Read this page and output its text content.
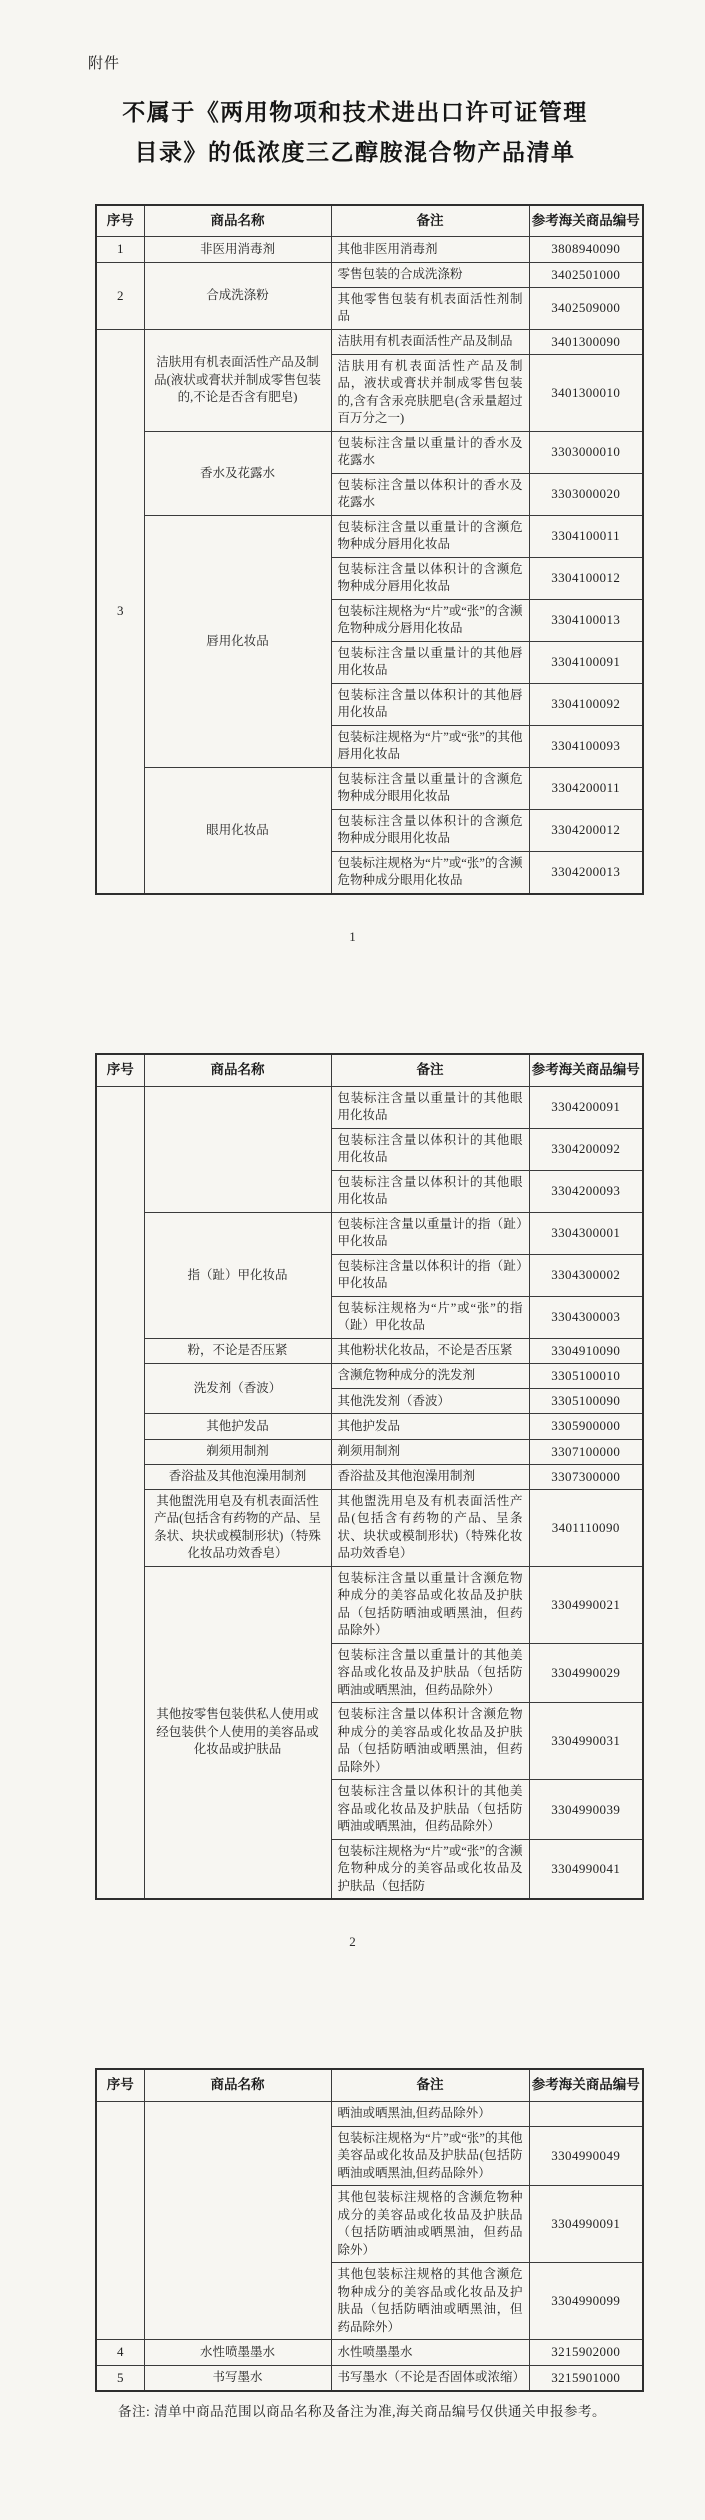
附件
不属于《两用物项和技术进出口许可证管理
目录》的低浓度三乙醇胺混合物产品清单
序号	商品名称	备注	参考海关商品编号
1	非医用消毒剂	其他非医用消毒剂	3808940090
2	合成洗涤粉	零售包装的合成洗涤粉	3402501000
		其他零售包装有机表面活性剂制品	3402509000
3	洁肤用有机表面活性产品及制品(液状或膏状并制成零售包装的,不论是否含有肥皂)	洁肤用有机表面活性产品及制品	3401300090
		洁肤用有机表面活性产品及制品，液状或膏状并制成零售包装的,含有含汞亮肤肥皂(含汞量超过百万分之一)	3401300010
	香水及花露水	包装标注含量以重量计的香水及花露水	3303000010
		包装标注含量以体积计的香水及花露水	3303000020
	唇用化妆品	包装标注含量以重量计的含濒危物种成分唇用化妆品	3304100011
		包装标注含量以体积计的含濒危物种成分唇用化妆品	3304100012
		包装标注规格为“片”或“张”的含濒危物种成分唇用化妆品	3304100013
		包装标注含量以重量计的其他唇用化妆品	3304100091
		包装标注含量以体积计的其他唇用化妆品	3304100092
		包装标注规格为“片”或“张”的其他唇用化妆品	3304100093
	眼用化妆品	包装标注含量以重量计的含濒危物种成分眼用化妆品	3304200011
		包装标注含量以体积计的含濒危物种成分眼用化妆品	3304200012
		包装标注规格为“片”或“张”的含濒危物种成分眼用化妆品	3304200013
1
序号	商品名称	备注	参考海关商品编号
		包装标注含量以重量计的其他眼用化妆品	3304200091
		包装标注含量以体积计的其他眼用化妆品	3304200092
		包装标注含量以体积计的其他眼用化妆品	3304200093
	指（趾）甲化妆品	包装标注含量以重量计的指（趾）甲化妆品	3304300001
		包装标注含量以体积计的指（趾）甲化妆品	3304300002
		包装标注规格为“片”或“张”的指（趾）甲化妆品	3304300003
	粉，不论是否压紧	其他粉状化妆品，不论是否压紧	3304910090
	洗发剂（香波）	含濒危物种成分的洗发剂	3305100010
		其他洗发剂（香波）	3305100090
	其他护发品	其他护发品	3305900000
	剃须用制剂	剃须用制剂	3307100000
	香浴盐及其他泡澡用制剂	香浴盐及其他泡澡用制剂	3307300000
	其他盥洗用皂及有机表面活性产品(包括含有药物的产品、呈条状、块状或模制形状)（特殊化妆品功效香皂）	其他盥洗用皂及有机表面活性产品(包括含有药物的产品、呈条状、块状或模制形状)（特殊化妆品功效香皂）	3401110090
	其他按零售包装供私人使用或经包装供个人使用的美容品或化妆品或护肤品	包装标注含量以重量计含濒危物种成分的美容品或化妆品及护肤品（包括防晒油或晒黑油，但药品除外）	3304990021
		包装标注含量以重量计的其他美容品或化妆品及护肤品（包括防晒油或晒黑油，但药品除外）	3304990029
		包装标注含量以体积计含濒危物种成分的美容品或化妆品及护肤品（包括防晒油或晒黑油，但药品除外）	3304990031
		包装标注含量以体积计的其他美容品或化妆品及护肤品（包括防晒油或晒黑油，但药品除外）	3304990039
		包装标注规格为“片”或“张”的含濒危物种成分的美容品或化妆品及护肤品（包括防	3304990041
2
序号	商品名称	备注	参考海关商品编号
		晒油或晒黑油,但药品除外）	
		包装标注规格为“片”或“张”的其他美容品或化妆品及护肤品(包括防晒油或晒黑油,但药品除外）	3304990049
		其他包装标注规格的含濒危物种成分的美容品或化妆品及护肤品（包括防晒油或晒黑油，但药品除外）	3304990091
		其他包装标注规格的其他含濒危物种成分的美容品或化妆品及护肤品（包括防晒油或晒黑油，但药品除外）	3304990099
4	水性喷墨墨水	水性喷墨墨水	3215902000
5	书写墨水	书写墨水（不论是否固体或浓缩）	3215901000
备注: 清单中商品范围以商品名称及备注为准,海关商品编号仅供通关申报参考。
